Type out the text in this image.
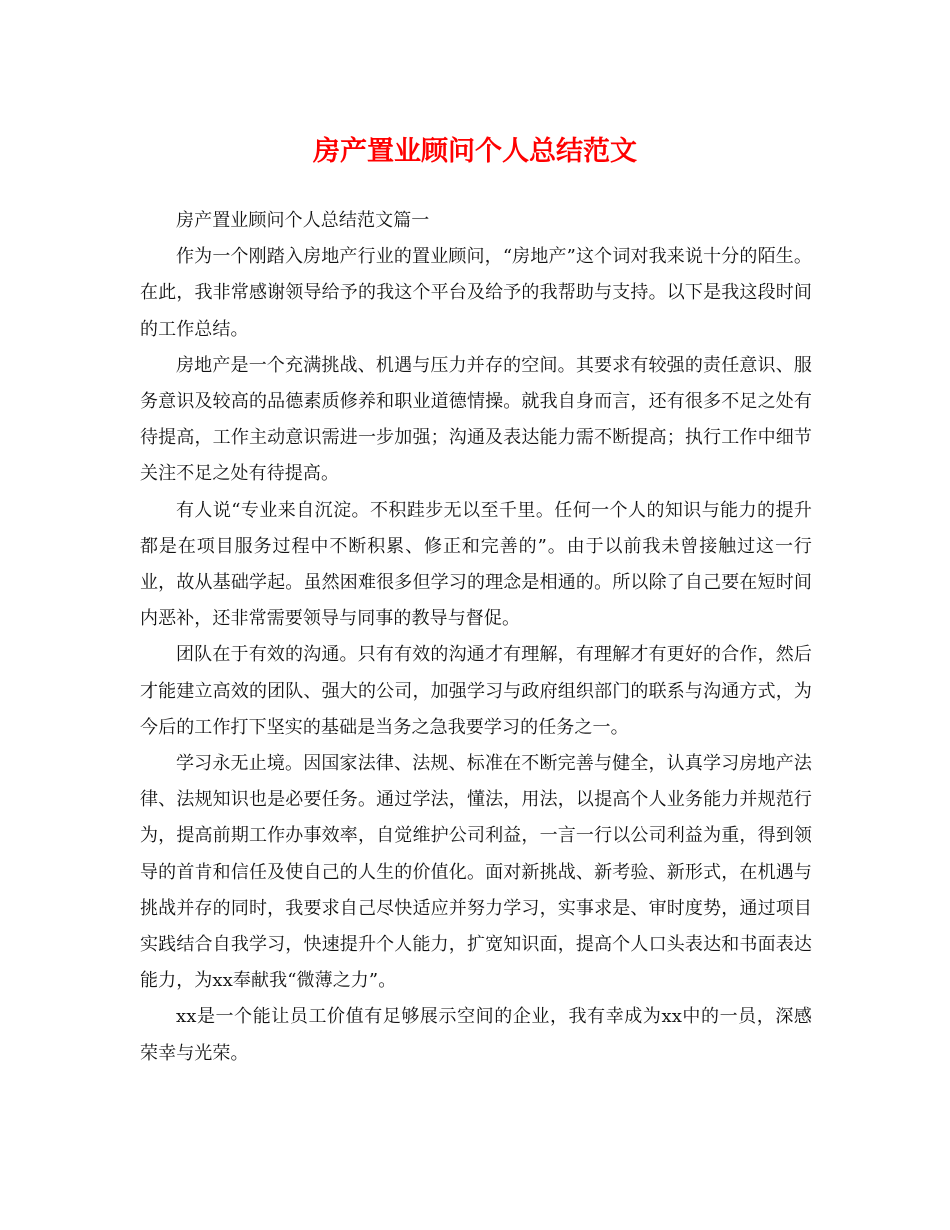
房产置业顾问个人总结范文

房产置业顾问个人总结范文篇一

作为一个刚踏入房地产行业的置业顾问，“房地产”这个词对我来说十分的陌生。在此，我非常感谢领导给予的我这个平台及给予的我帮助与支持。以下是我这段时间的工作总结。

房地产是一个充满挑战、机遇与压力并存的空间。其要求有较强的责任意识、服务意识及较高的品德素质修养和职业道德情操。就我自身而言，还有很多不足之处有待提高，工作主动意识需进一步加强；沟通及表达能力需不断提高；执行工作中细节关注不足之处有待提高。

有人说“专业来自沉淀。不积跬步无以至千里。任何一个人的知识与能力的提升都是在项目服务过程中不断积累、修正和完善的”。由于以前我未曾接触过这一行业，故从基础学起。虽然困难很多但学习的理念是相通的。所以除了自己要在短时间内恶补，还非常需要领导与同事的教导与督促。

团队在于有效的沟通。只有有效的沟通才有理解，有理解才有更好的合作，然后才能建立高效的团队、强大的公司，加强学习与政府组织部门的联系与沟通方式，为今后的工作打下坚实的基础是当务之急我要学习的任务之一。

学习永无止境。因国家法律、法规、标准在不断完善与健全，认真学习房地产法律、法规知识也是必要任务。通过学法，懂法，用法，以提高个人业务能力并规范行为，提高前期工作办事效率，自觉维护公司利益，一言一行以公司利益为重，得到领导的首肯和信任及使自己的人生的价值化。面对新挑战、新考验、新形式，在机遇与挑战并存的同时，我要求自己尽快适应并努力学习，实事求是、审时度势，通过项目实践结合自我学习，快速提升个人能力，扩宽知识面，提高个人口头表达和书面表达能力，为xx奉献我“微薄之力”。

xx是一个能让员工价值有足够展示空间的企业，我有幸成为xx中的一员，深感荣幸与光荣。
